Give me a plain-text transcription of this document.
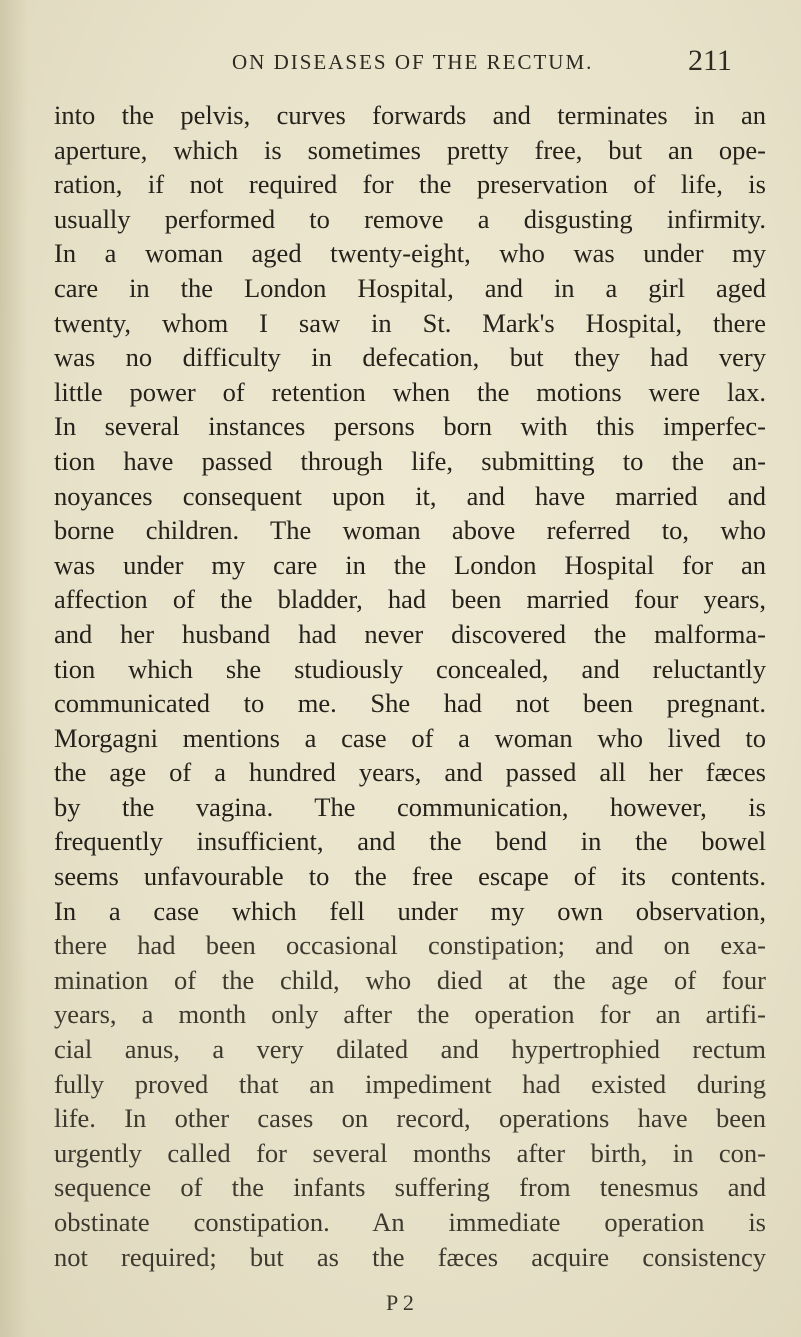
ON DISEASES OF THE RECTUM.	211
into the pelvis, curves forwards and terminates in an
aperture, which is sometimes pretty free, but an ope-
ration, if not required for the preservation of life, is
usually performed to remove a disgusting infirmity.
In a woman aged twenty-eight, who was under my
care in the London Hospital, and in a girl aged
twenty, whom I saw in St. Mark's Hospital, there
was no difficulty in defecation, but they had very
little power of retention when the motions were lax.
In several instances persons born with this imperfec-
tion have passed through life, submitting to the an-
noyances consequent upon it, and have married and
borne children. The woman above referred to, who
was under my care in the London Hospital for an
affection of the bladder, had been married four years,
and her husband had never discovered the malforma-
tion which she studiously concealed, and reluctantly
communicated to me. She had not been pregnant.
Morgagni mentions a case of a woman who lived to
the age of a hundred years, and passed all her fæces
by the vagina. The communication, however, is
frequently insufficient, and the bend in the bowel
seems unfavourable to the free escape of its contents.
In a case which fell under my own observation,
there had been occasional constipation; and on exa-
mination of the child, who died at the age of four
years, a month only after the operation for an artifi-
cial anus, a very dilated and hypertrophied rectum
fully proved that an impediment had existed during
life. In other cases on record, operations have been
urgently called for several months after birth, in con-
sequence of the infants suffering from tenesmus and
obstinate constipation. An immediate operation is
not required; but as the fæces acquire consistency
P 2
